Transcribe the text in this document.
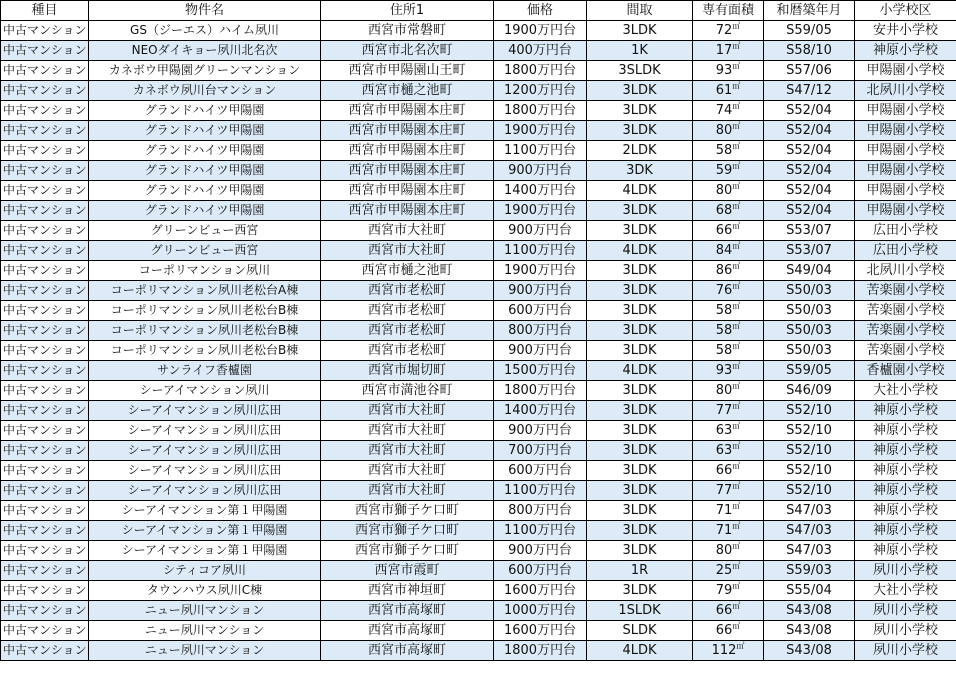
種目	物件名	住所1	価格	間取	専有面積	和暦築年月	小学校区
中古マンション	GS（ジーエス）ハイム夙川	西宮市常磐町	1900万円台	3LDK	72㎡	S59/05	安井小学校
中古マンション	NEOダイキョー夙川北名次	西宮市北名次町	400万円台	1K	17㎡	S58/10	神原小学校
中古マンション	カネボウ甲陽園グリーンマンション	西宮市甲陽園山王町	1800万円台	3SLDK	93㎡	S57/06	甲陽園小学校
中古マンション	カネボウ夙川台マンション	西宮市樋之池町	1200万円台	3LDK	61㎡	S47/12	北夙川小学校
中古マンション	グランドハイツ甲陽園	西宮市甲陽園本庄町	1800万円台	3LDK	74㎡	S52/04	甲陽園小学校
中古マンション	グランドハイツ甲陽園	西宮市甲陽園本庄町	1900万円台	3LDK	80㎡	S52/04	甲陽園小学校
中古マンション	グランドハイツ甲陽園	西宮市甲陽園本庄町	1100万円台	2LDK	58㎡	S52/04	甲陽園小学校
中古マンション	グランドハイツ甲陽園	西宮市甲陽園本庄町	900万円台	3DK	59㎡	S52/04	甲陽園小学校
中古マンション	グランドハイツ甲陽園	西宮市甲陽園本庄町	1400万円台	4LDK	80㎡	S52/04	甲陽園小学校
中古マンション	グランドハイツ甲陽園	西宮市甲陽園本庄町	1900万円台	3LDK	68㎡	S52/04	甲陽園小学校
中古マンション	グリーンビュー西宮	西宮市大社町	900万円台	3LDK	66㎡	S53/07	広田小学校
中古マンション	グリーンビュー西宮	西宮市大社町	1100万円台	4LDK	84㎡	S53/07	広田小学校
中古マンション	コーポリマンション夙川	西宮市樋之池町	1900万円台	3LDK	86㎡	S49/04	北夙川小学校
中古マンション	コーポリマンション夙川老松台A棟	西宮市老松町	900万円台	3LDK	76㎡	S50/03	苦楽園小学校
中古マンション	コーポリマンション夙川老松台B棟	西宮市老松町	600万円台	3LDK	58㎡	S50/03	苦楽園小学校
中古マンション	コーポリマンション夙川老松台B棟	西宮市老松町	800万円台	3LDK	58㎡	S50/03	苦楽園小学校
中古マンション	コーポリマンション夙川老松台B棟	西宮市老松町	900万円台	3LDK	58㎡	S50/03	苦楽園小学校
中古マンション	サンライフ香櫨園	西宮市堀切町	1500万円台	4LDK	93㎡	S59/05	香櫨園小学校
中古マンション	シーアイマンション夙川	西宮市満池谷町	1800万円台	3LDK	80㎡	S46/09	大社小学校
中古マンション	シーアイマンション夙川広田	西宮市大社町	1400万円台	3LDK	77㎡	S52/10	神原小学校
中古マンション	シーアイマンション夙川広田	西宮市大社町	900万円台	3LDK	63㎡	S52/10	神原小学校
中古マンション	シーアイマンション夙川広田	西宮市大社町	700万円台	3LDK	63㎡	S52/10	神原小学校
中古マンション	シーアイマンション夙川広田	西宮市大社町	600万円台	3LDK	66㎡	S52/10	神原小学校
中古マンション	シーアイマンション夙川広田	西宮市大社町	1100万円台	3LDK	77㎡	S52/10	神原小学校
中古マンション	シーアイマンション第１甲陽園	西宮市獅子ケ口町	800万円台	3LDK	71㎡	S47/03	神原小学校
中古マンション	シーアイマンション第１甲陽園	西宮市獅子ケ口町	1100万円台	3LDK	71㎡	S47/03	神原小学校
中古マンション	シーアイマンション第１甲陽園	西宮市獅子ケ口町	900万円台	3LDK	80㎡	S47/03	神原小学校
中古マンション	シティコア夙川	西宮市霞町	600万円台	1R	25㎡	S59/03	夙川小学校
中古マンション	タウンハウス夙川C棟	西宮市神垣町	1600万円台	3LDK	79㎡	S55/04	大社小学校
中古マンション	ニュー夙川マンション	西宮市高塚町	1000万円台	1SLDK	66㎡	S43/08	夙川小学校
中古マンション	ニュー夙川マンション	西宮市高塚町	1600万円台	SLDK	66㎡	S43/08	夙川小学校
中古マンション	ニュー夙川マンション	西宮市高塚町	1800万円台	4LDK	112㎡	S43/08	夙川小学校
